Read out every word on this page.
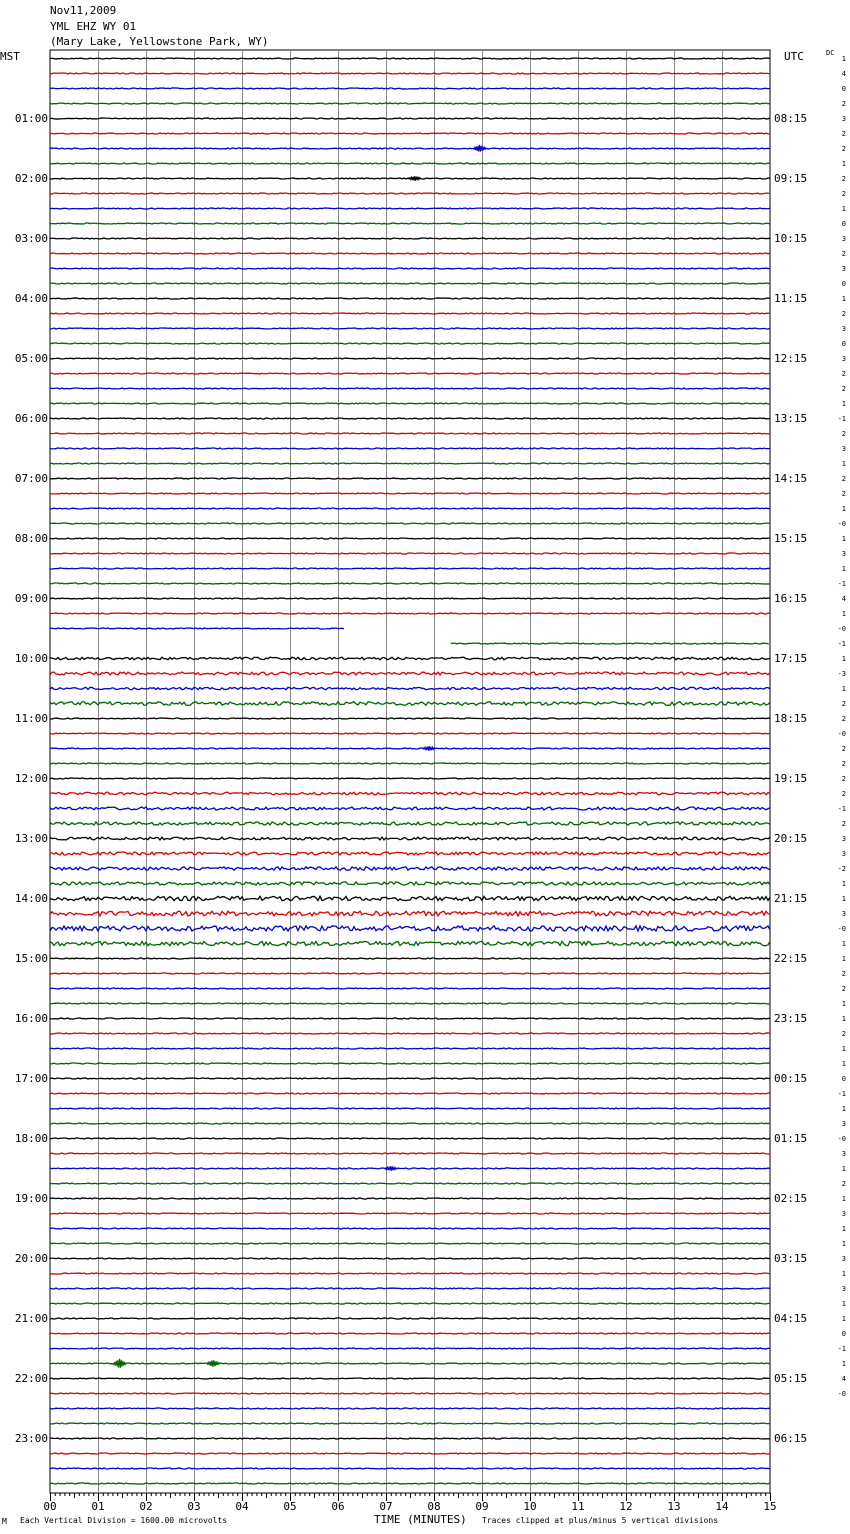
Nov11,2009
YML EHZ WY 01
(Mary Lake, Yellowstone Park, WY)
MST	UTC	DC
00	01	02	03	04	05	06	07	08	09	10	11	12	13	14	15
01:00
02:00
03:00
04:00
05:00
06:00
07:00
08:00
09:00
10:00
11:00
12:00
13:00
14:00
15:00
16:00
17:00
18:00
19:00
20:00
21:00
22:00
23:00
08:15
09:15
10:15
11:15
12:15
13:15
14:15
15:15
16:15
17:15
18:15
19:15
20:15
21:15
22:15
23:15
00:15
01:15
02:15
03:15
04:15
05:15
06:15
1
4
0
2
3
2
2
1
2
2
1
0
3
2
3
0
1
2
3
0
3
2
2
1
-1
2
3
1
2
2
1
-0
1
3
1
-1
4
1
-0
-1
1
-3
1
2
2
-0
2
2
2
2
-1
2
3
3
-2
1
1
3
-0
1
1
2
2
1
1
2
1
1
0
-1
1
3
-0
3
1
2
1
3
1
1
3
1
3
1
1
0
-1
1
4
-0
M Each Vertical Division = 1600.00 microvolts	TIME (MINUTES) Traces clipped at plus/minus 5 vertical divisions
